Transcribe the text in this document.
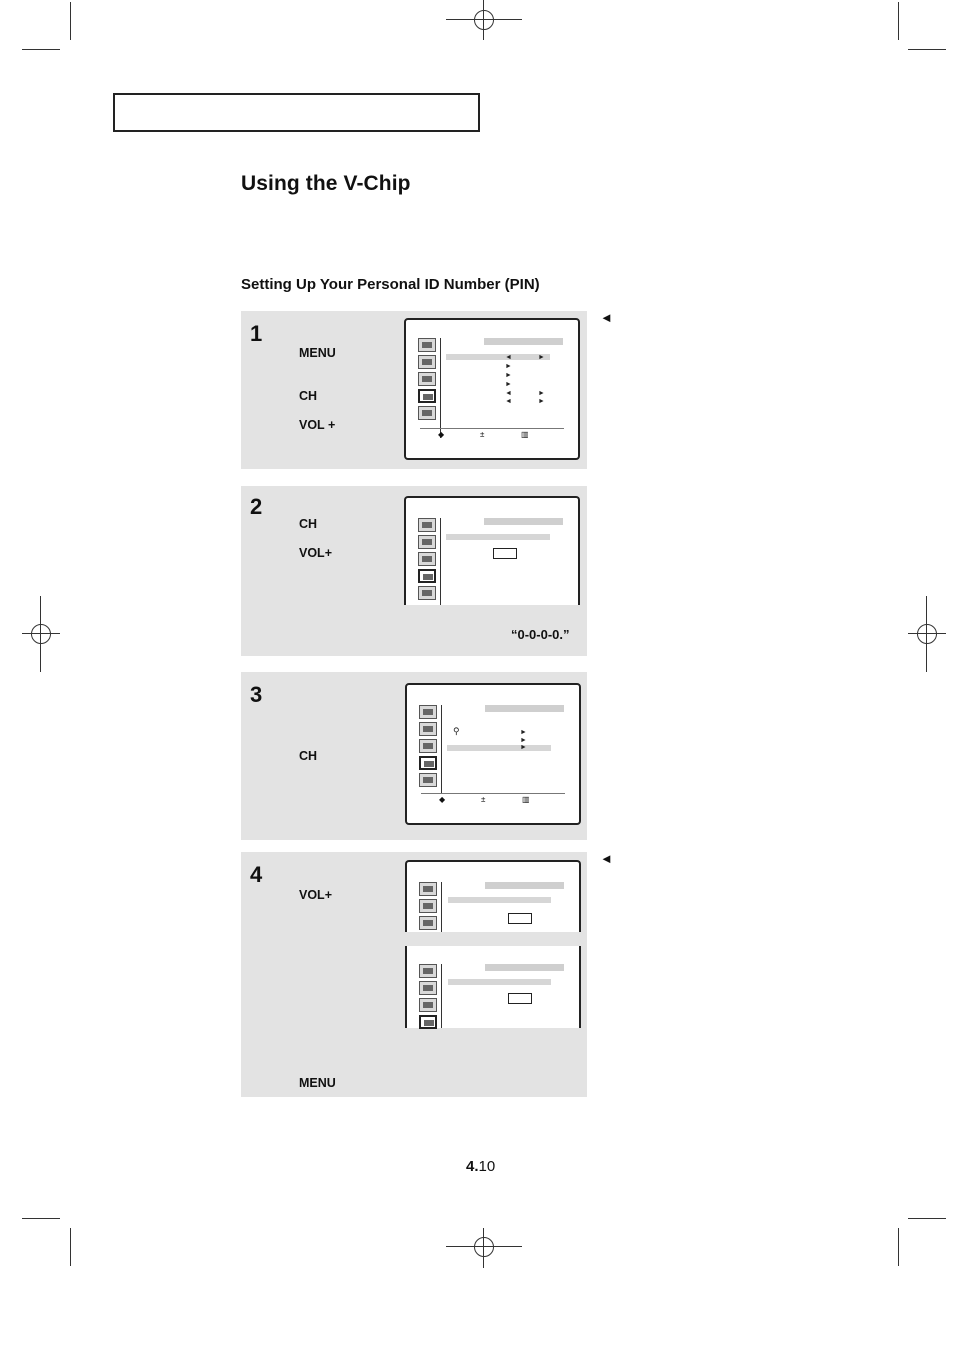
Using the V-Chip
Setting Up Your Personal ID Number (PIN)
◄
◄
1
MENU
CH
VOL +
◄	►
►
►
►
◄	►
◄	►
◆	±	▥
2
CH
VOL+
“0-0-0-0.”
3
CH
⚲	►
►
►
◆	±	▥
4
VOL+
MENU
4.10
